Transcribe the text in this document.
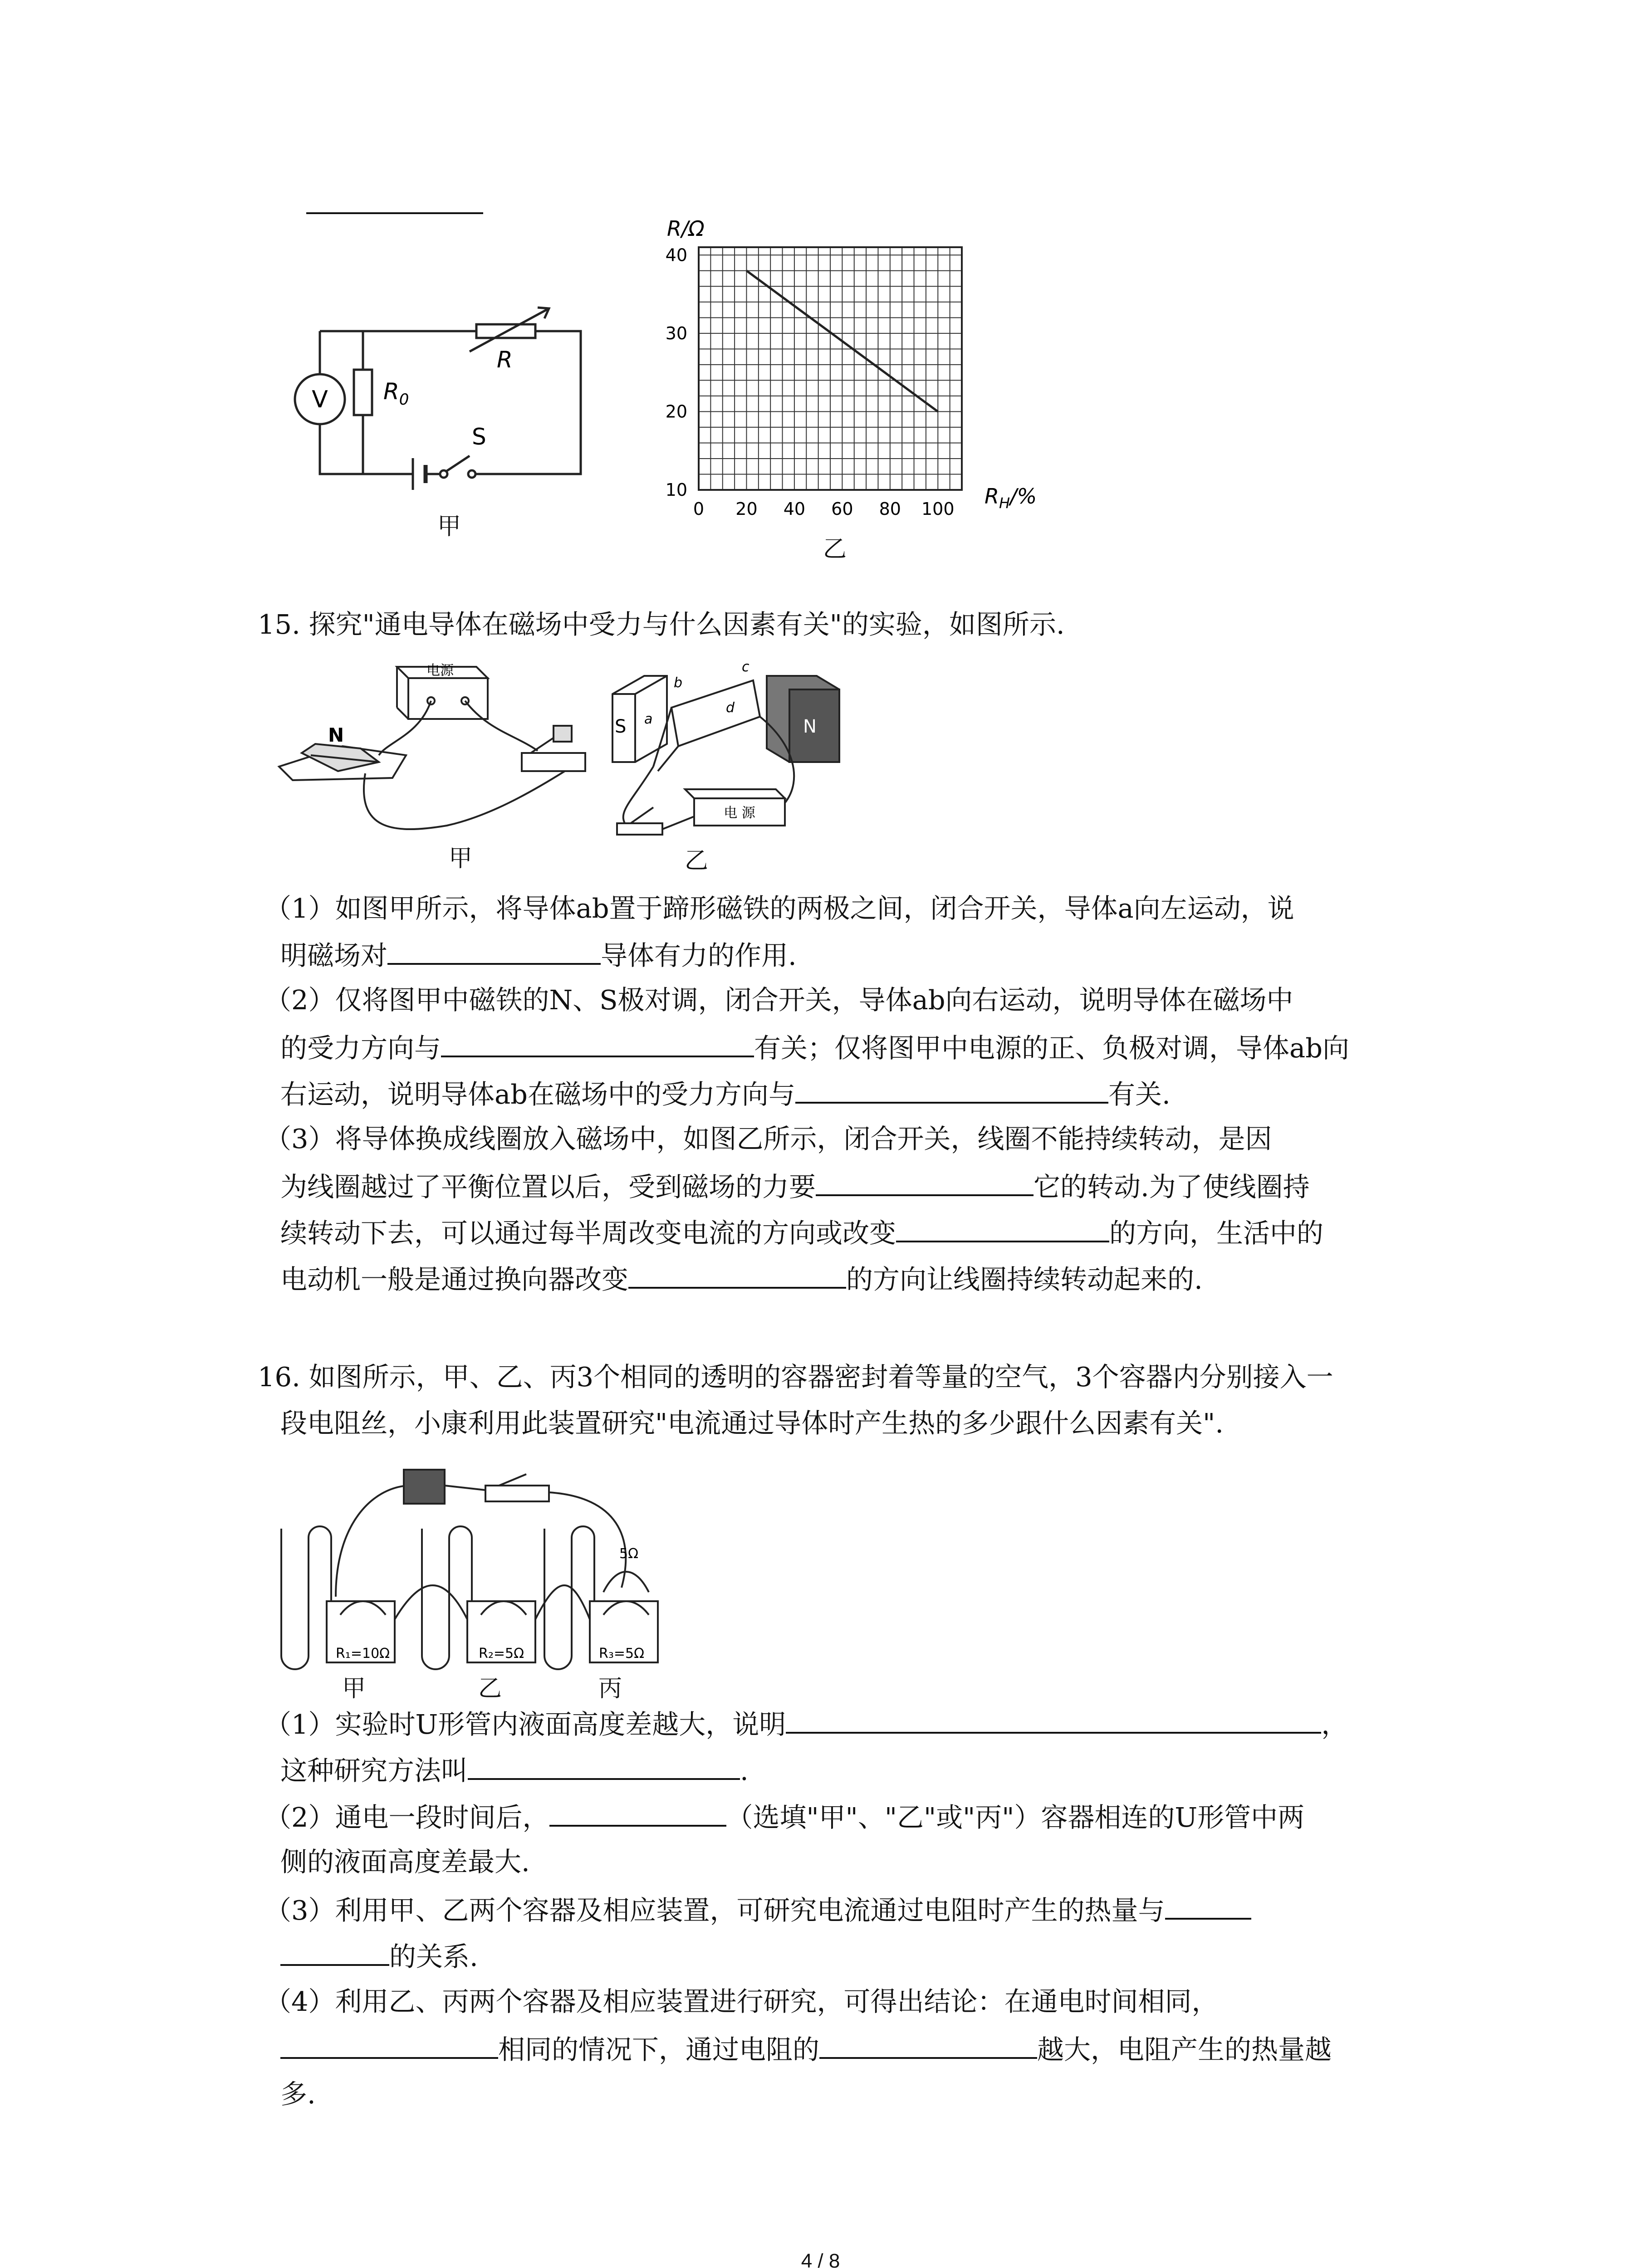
V $R_0$
R
S
甲
0 20 40 60 80 100
10
20
30
40
R/Ω
$R_H/\%$
乙
15. 探究"通电导体在磁场中受力与什么因素有关"的实验，如图所示.
电源
N
甲
S	N
a
b
c
d
电 源
乙
（1）如图甲所示，将导体ab置于蹄形磁铁的两极之间，闭合开关，导体a向左运动，说
明磁场对	导体有力的作用.
（2）仅将图甲中磁铁的N、S极对调，闭合开关，导体ab向右运动，说明导体在磁场中
的受力方向与	有关；仅将图甲中电源的正、负极对调，导体ab向
右运动，说明导体ab在磁场中的受力方向与	有关.
（3）将导体换成线圈放入磁场中，如图乙所示，闭合开关，线圈不能持续转动，是因
为线圈越过了平衡位置以后，受到磁场的力要	它的转动.为了使线圈持
续转动下去，可以通过每半周改变电流的方向或改变	的方向，生活中的
电动机一般是通过换向器改变	的方向让线圈持续转动起来的.
16. 如图所示，甲、乙、丙3个相同的透明的容器密封着等量的空气，3个容器内分别接入一
段电阻丝，小康利用此装置研究"电流通过导体时产生热的多少跟什么因素有关".
R₁=10Ω	R₂=5Ω	R₃=5Ω
5Ω
甲	乙	丙
（1）实验时U形管内液面高度差越大，说明	，
这种研究方法叫	.
（2）通电一段时间后，	（选填"甲"、"乙"或"丙"）容器相连的U形管中两
侧的液面高度差最大.
（3）利用甲、乙两个容器及相应装置，可研究电流通过电阻时产生的热量与
的关系.
（4）利用乙、丙两个容器及相应装置进行研究，可得出结论：在通电时间相同，
相同的情况下，通过电阻的	越大，电阻产生的热量越
多.
4 / 8
